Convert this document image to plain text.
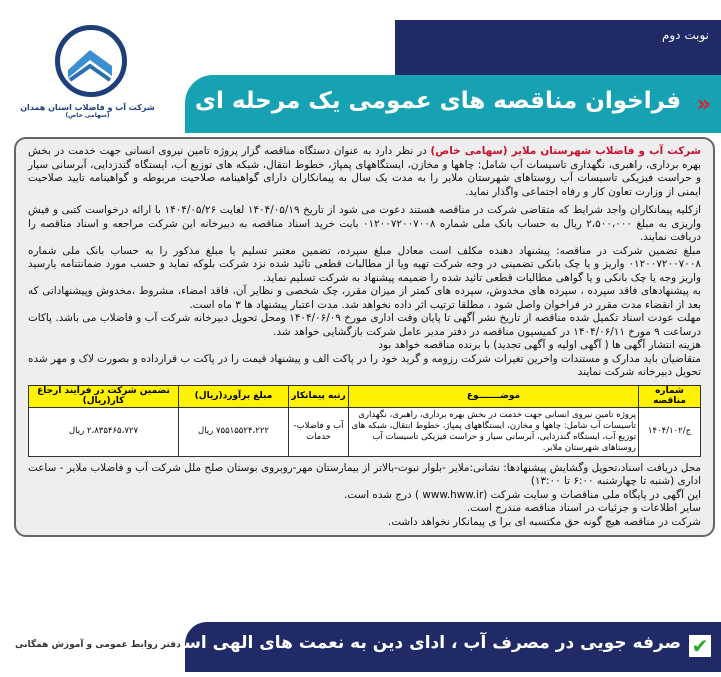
نوبت دوم
«
فراخوان مناقصه های عمومی یک مرحله ای
شرکت آب و فاضلاب استان همدان
(سهامی خاص)
شرکت آب و فاضلاب شهرستان ملایر (سهامی خاص) در نظر دارد به عنوان دستگاه مناقصه گزار پروژه تامین نیروی انسانی جهت خدمت در بخش بهره برداری، راهبری، نگهداری تاسیسات آب شامل: چاهها و مخازن، ایستگاههای پمپاژ، خطوط انتقال، شبکه های توزیع آب، ایستگاه گندزدایی، آبرسانی سیار و حراست فیزیکی تاسیسات آب روستاهای شهرستان ملایر را به مدت یک سال به پیمانکاران دارای گواهینامه صلاحیت مربوطه و گواهینامه تایید صلاحیت ایمنی از وزارت تعاون کار و رفاه اجتماعی واگذار نماید.
ازکلیه پیمانکاران واجد شرایط که متقاضی شرکت در مناقصه هستند دعوت می شود از تاریخ ۱۴۰۴/۰۵/۱۹ لغایت ۱۴۰۴/۰۵/۲۶ با ارائه درخواست کتبی و فیش واریزی به مبلغ ۲،۵۰۰،۰۰۰ ریال به حساب بانک ملی شماره ۰۱۲۰۰۷۲۰۰۷۰۰۸ بابت خرید اسناد مناقصه به دبیرخانه این شرکت مراجعه و اسناد مناقصه را دریافت نمایند.
مبلغ تضمین شرکت در مناقصه: پیشنهاد دهنده مکلف است معادل مبلغ سپرده، تضمین معتبر تسلیم یا مبلغ مذکور را به حساب بانک ملی شماره ۰۱۲۰۰۷۲۰۰۷۰۰۸ واریز و یا چک بانکی تضمینی در وجه شرکت تهیه ویا از مطالبات قطعی تائید شده نزد شرکت بلوکه نماید و حسب مورد ضمانتنامه یارسید واریز وجه یا چک بانکی و یا گواهی مطالبات قطعی تائید شده را ضمیمه پیشنهاد به شرکت تسلیم نماید.
به پیشنهادهای فاقد سپرده ، سپرده های مخدوش، سپرده های کمتر از میزان مقرر، چک شخصی و نظایر آن، فاقد امضاء، مشروط ،مخدوش وپیشنهاداتی که بعد از انقضاء مدت مقرر در فراخوان واصل شود ، مطلقا ترتیب اثر داده نخواهد شد. مدت اعتبار پیشنهاد ها ۳ ماه است.
مهلت عودت اسناد تکمیل شده مناقصه از تاریخ نشر آگهی تا پایان وقت اداری مورخ ۱۴۰۴/۰۶/۰۹ ومحل تحویل دبیرخانه شرکت آب و فاضلاب می باشد. پاکات درساعت ۹ مورخ ۱۴۰۴/۰۶/۱۱ در کمیسیون مناقصه در دفتر مدیر عامل شرکت بازگشایی خواهد شد.
هزینه انتشار آگهی ها ( آگهی اولیه و آگهی تجدید) با برنده مناقصه خواهد بود
متقاضیان باید مدارک و مستندات واخرین تغیرات شرکت رزومه و گرید خود را در پاکت الف و پیشنهاد قیمت را در پاکت ب قرارداده و بصورت لاک و مهر شده تحویل دبیرخانه شرکت نمایند
شماره مناقصه	موضـــــــوع	رتبه پیمانکار	مبلغ برآورد(ریال)	تضمین شرکت در فرایند ارجاع کار(ریال)
ج/۱۴۰۴/۱۰۲	پروژه تامین نیروی انسانی جهت خدمت در بخش بهره برداری، راهبری، نگهداری تاسیسات آب شامل: چاهها و مخازن، ایستگاههای پمپاژ، خطوط انتقال، شبکه های توزیع آب، ایستگاه گندزدایی، آبرسانی سیار و حراست فیزیکی تاسیسات آب روستاهای شهرستان ملایر.	آب و فاضلاب-خدمات	۷۵۵۱۵۵۲۴،۲۲۲ ریال	۲،۸۳۵۴۶۵،۷۲۷ ریال
محل دریافت اسناد،تحویل وگشایش پیشنهادها: نشانی:ملایر -بلوار نبوت-بالاتر از بیمارستان مهر-روبروی بوستان صلح ملل شرکت آب و فاضلاب ملایر - ساعت اداری (شنبه تا چهارشنبه ۶:۰۰ تا ۱۳:۰۰)
این آگهی در پایگاه ملی مناقصات و سایت شرکت (www.hww.ir ) درج شده است.
سایر اطلاعات و جزئیات در اسناد مناقصه مندرج است.
شرکت در مناقصه هیچ گونه حق مکتسبه ای برا ی پیمانکار نخواهد داشت.
✔
صرفه جویی در مصرف آب ، ادای دین به نعمت های الهی است.
دفتر روابط عمومی و آموزش همگانی
